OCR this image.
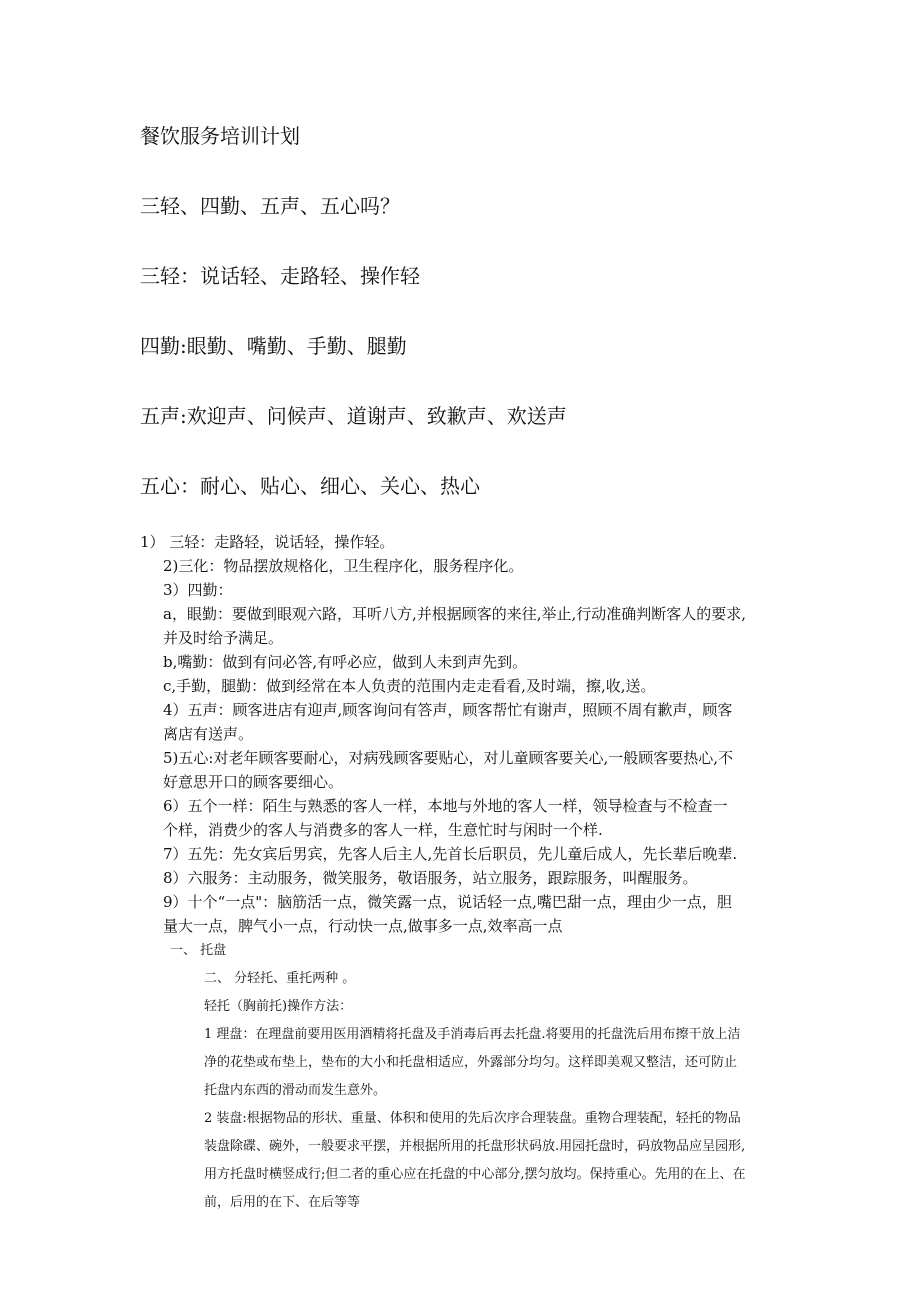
餐饮服务培训计划
三轻、四勤、五声、五心吗？
三轻：说话轻、走路轻、操作轻
四勤:眼勤、嘴勤、手勤、腿勤
五声:欢迎声、问候声、道谢声、致歉声、欢送声
五心：耐心、贴心、细心、关心、热心
1） 三轻：走路轻，说话轻，操作轻。
2)三化：物品摆放规格化，卫生程序化，服务程序化。
3）四勤：
a，眼勤：要做到眼观六路，耳听八方,并根据顾客的来往,举止,行动准确判断客人的要求,
并及时给予满足。
b,嘴勤：做到有问必答,有呼必应，做到人未到声先到。
c,手勤，腿勤：做到经常在本人负责的范围内走走看看,及时端，擦,收,送。
4）五声：顾客进店有迎声,顾客询问有答声，顾客帮忙有谢声，照顾不周有歉声，顾客
离店有送声。
5)五心:对老年顾客要耐心，对病残顾客要贴心，对儿童顾客要关心,一般顾客要热心,不
好意思开口的顾客要细心。
6）五个一样：陌生与熟悉的客人一样，本地与外地的客人一样，领导检查与不检查一
个样，消费少的客人与消费多的客人一样，生意忙时与闲时一个样.
7）五先：先女宾后男宾，先客人后主人,先首长后职员，先儿童后成人，先长辈后晚辈.
8）六服务：主动服务，微笑服务，敬语服务，站立服务，跟踪服务，叫醒服务。
9）十个“一点"：脑筋活一点，微笑露一点，说话轻一点,嘴巴甜一点，理由少一点，胆
量大一点，脾气小一点，行动快一点,做事多一点,效率高一点
一、 托盘
二、 分轻托、重托两种 。
轻托（胸前托)操作方法：
1 理盘：在理盘前要用医用酒精将托盘及手消毒后再去托盘.将要用的托盘洗后用布擦干放上洁
净的花垫或布垫上，垫布的大小和托盘相适应，外露部分均匀。这样即美观又整洁，还可防止
托盘内东西的滑动而发生意外。
2 装盘:根据物品的形状、重量、体积和使用的先后次序合理装盘。重物合理装配，轻托的物品
装盘除碟、碗外，一般要求平摆，并根据所用的托盘形状码放.用园托盘时，码放物品应呈园形,
用方托盘时横竖成行;但二者的重心应在托盘的中心部分,摆匀放均。保持重心。先用的在上、在
前，后用的在下、在后等等
